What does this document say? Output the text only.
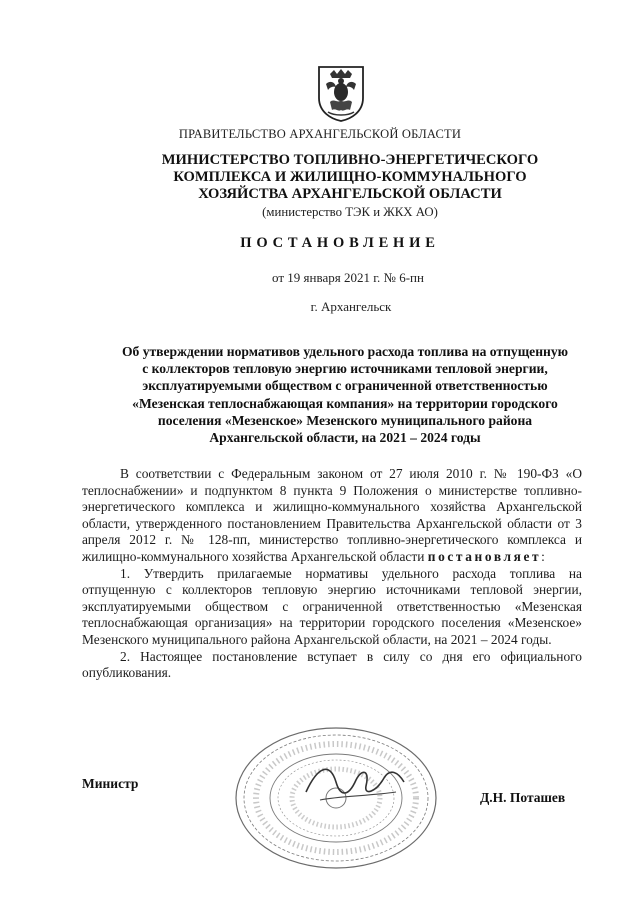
ПРАВИТЕЛЬСТВО АРХАНГЕЛЬСКОЙ ОБЛАСТИ
МИНИСТЕРСТВО ТОПЛИВНО-ЭНЕРГЕТИЧЕСКОГО
КОМПЛЕКСА И ЖИЛИЩНО-КОММУНАЛЬНОГО
ХОЗЯЙСТВА АРХАНГЕЛЬСКОЙ ОБЛАСТИ
(министерство ТЭК и ЖКХ АО)
ПОСТАНОВЛЕНИЕ
от 19 января 2021 г. № 6-пн
г. Архангельск
Об утверждении нормативов удельного расхода топлива на отпущенную
с коллекторов тепловую энергию источниками тепловой энергии,
эксплуатируемыми обществом с ограниченной ответственностью
«Мезенская теплоснабжающая компания» на территории городского
поселения «Мезенское» Мезенского муниципального района
Архангельской области, на 2021 – 2024 годы

В соответствии с Федеральным законом от 27 июля 2010 г. № 190-ФЗ «О теплоснабжении» и подпунктом 8 пункта 9 Положения о министерстве топливно-энергетического комплекса и жилищно-коммунального хозяйства Архангельской области, утвержденного постановлением Правительства Архангельской области от 3 апреля 2012 г. № 128-пп, министерство топливно-энергетического комплекса и жилищно-коммунального хозяйства Архангельской области постановляет:

1. Утвердить прилагаемые нормативы удельного расхода топлива на отпущенную с коллекторов тепловую энергию источниками тепловой энергии, эксплуатируемыми обществом с ограниченной ответственностью «Мезенская теплоснабжающая организация» на территории городского поселения «Мезенское» Мезенского муниципального района Архангельской области, на 2021 – 2024 годы.

2. Настоящее постановление вступает в силу со дня его официального опубликования.

Министр
Д.Н. Поташев
